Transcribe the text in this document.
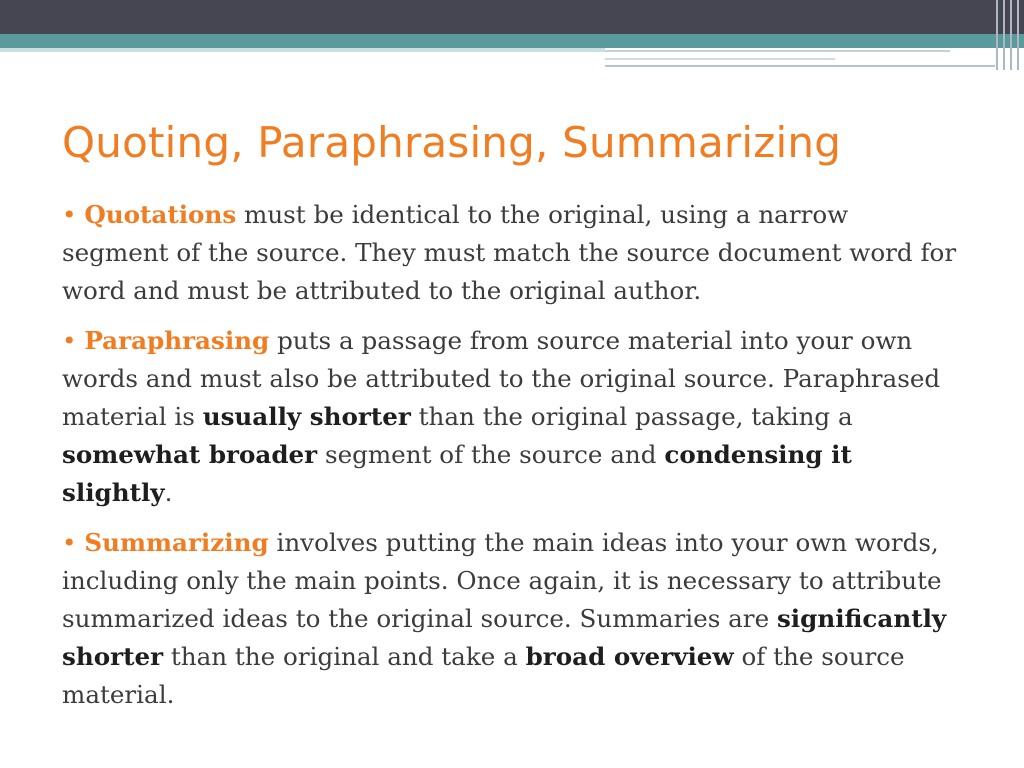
Quoting, Paraphrasing, Summarizing

• Quotations must be identical to the original, using a narrow segment of the source. They must match the source document word for word and must be attributed to the original author.

• Paraphrasing puts a passage from source material into your own words and must also be attributed to the original source. Paraphrased material is usually shorter than the original passage, taking a somewhat broader segment of the source and condensing it slightly.

• Summarizing involves putting the main ideas into your own words, including only the main points. Once again, it is necessary to attribute summarized ideas to the original source. Summaries are significantly shorter than the original and take a broad overview of the source material.
